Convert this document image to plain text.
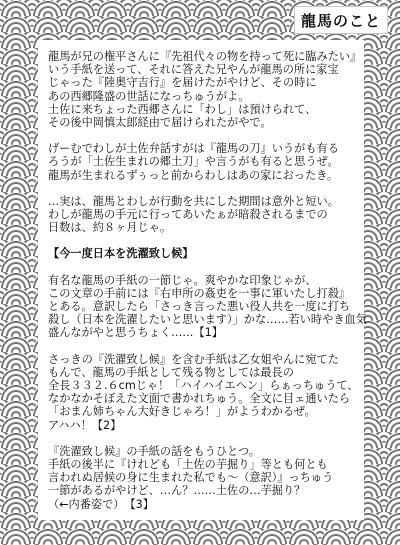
龍馬のこと
龍馬が兄の権平さんに『先祖代々の物を持って死に臨みたい』
いう手紙を送って、それに答えた兄やんが龍馬の所に家宝
じゃった『陸奥守吉行』を届けたがやけど、その時に
あの西郷隆盛の世話になっちゅうがよ。
土佐に来ちょった西郷さんに「わし」は預けられて、
その後中岡慎太郎経由で届けられたがやで。
げーむでわしが土佐弁話すがは『龍馬の刀』いうがも有る
ろうが「土佐生まれの郷土刀」や言うがも有ると思うぜ。
龍馬が生まれるずぅっと前からわしはあの家におったき。
…実は、龍馬とわしが行動を共にした期間は意外と短い。
わしが龍馬の手元に行ってあいたぁが暗殺されるまでの
日数は、約８ヶ月じゃ。
【今一度日本を洗濯致し候】
有名な龍馬の手紙の一節じゃ。爽やかな印象じゃが、
この文章の手前には『右申所の姦吏を一事に軍いたし打殺』
とある。意訳したら「さっき言った悪い役人共を一度に打ち
殺し（日本を洗濯したいと思います）」かな……若い時やき血気
盛んながやと思うちょく……【1】
さっきの『洗濯致し候』を含む手紙は乙女姐やんに宛てた
もんで、龍馬の手紙として残る物としては最長の
全長３３２.６cmじゃ！「ハイハイエヘン」らぁっちゅうて、
なかなかそぼえた文面で書かれちゅう。全文に目ェ通いたら
「おまん姉ちゃん大好きじゃろ！」がようわかるぜ。
アハハ！【2】
『洗濯致し候』の手紙の話をもうひとつ。
手紙の後半に『けれども「土佐の芋掘り」等とも何とも
言われぬ居候の身に生まれた私でも～（意訳）』っちゅう
一節があるがやけど、…ん？……土佐の…芋掘り？
（←内番姿で）　【3】
